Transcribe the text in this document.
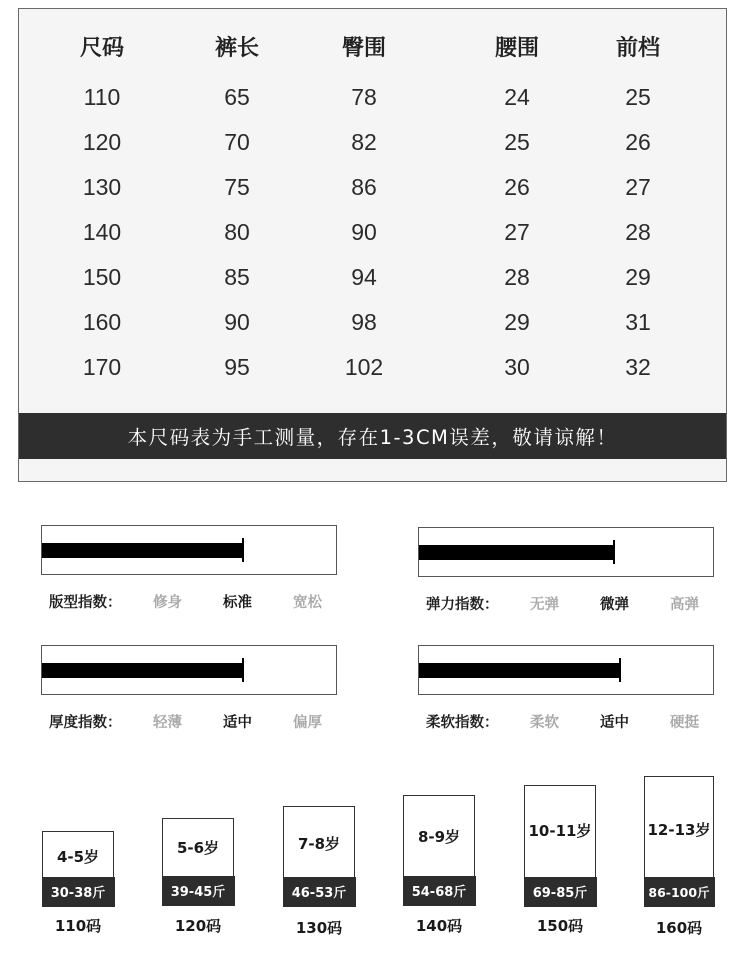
尺码	裤长	臀围	腰围	前档
110	65	78	24	25
120	70	82	25	26
130	75	86	26	27
140	80	90	27	28
150	85	94	28	29
160	90	98	29	31
170	95	102	30	32
本尺码表为手工测量，存在1-3CM误差，敬请谅解！
版型指数： 修身	标准	宽松	弹力指数： 无弹	微弹	高弹
厚度指数： 轻薄	适中	偏厚	柔软指数： 柔软	适中	硬挺
4-5岁
30-38斤
110码
5-6岁
39-45斤
120码
7-8岁
46-53斤
130码
8-9岁
54-68斤
140码
10-11岁
69-85斤
150码
12-13岁
86-100斤
160码
